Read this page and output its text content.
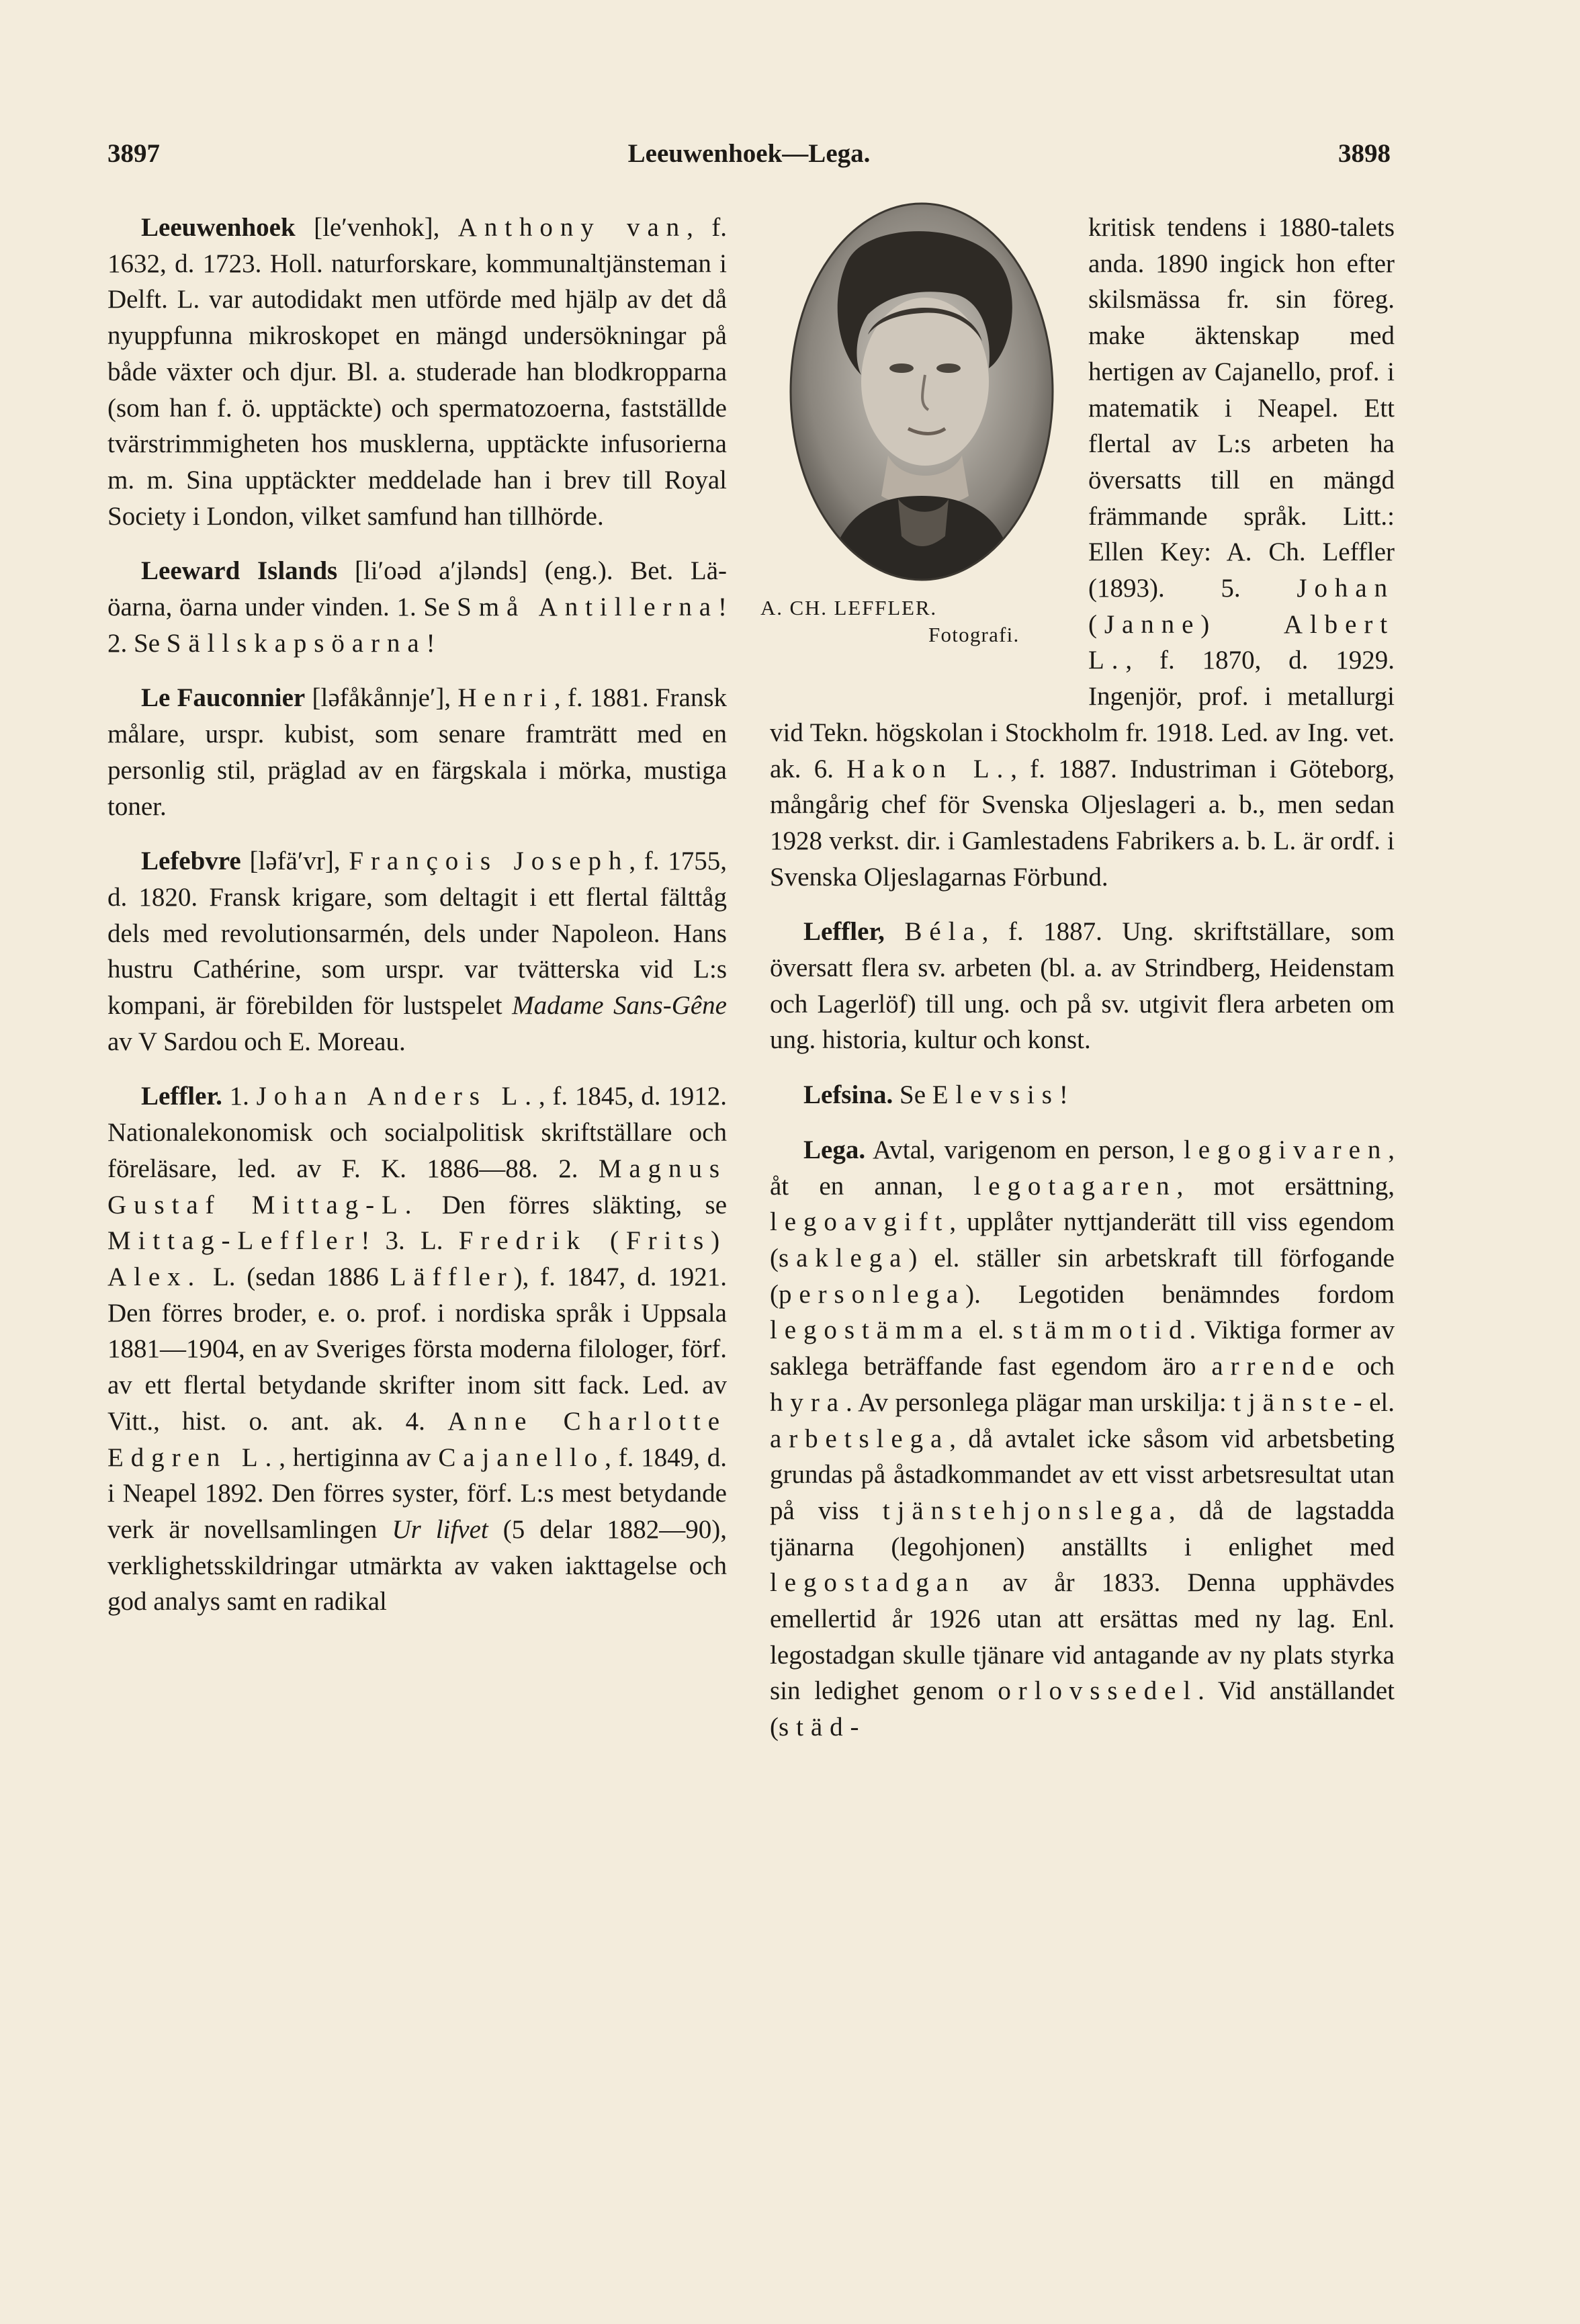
3897	Leeuwenhoek—Lega.	3898

Leeuwenhoek [le′venhok], Anthony van, f. 1632, d. 1723. Holl. naturforskare, kommunaltjänsteman i Delft. L. var autodidakt men utförde med hjälp av det då nyuppfunna mikroskopet en mängd undersökningar på både växter och djur. Bl. a. studerade han blodkropparna (som han f. ö. upptäckte) och spermatozoerna, fastställde tvärstrimmigheten hos musklerna, upptäckte infusorierna m. m. Sina upptäckter meddelade han i brev till Royal Society i London, vilket samfund han tillhörde.

Leeward Islands [li′oəd a′jlənds] (eng.). Bet. Lä-öarna, öarna under vinden. 1. Se Små Antillerna! 2. Se Sällskapsöarna!

Le Fauconnier [ləfåkånnje′], Henri, f. 1881. Fransk målare, urspr. kubist, som senare framträtt med en personlig stil, präglad av en färgskala i mörka, mustiga toner.

Lefebvre [ləfä′vr], François Joseph, f. 1755, d. 1820. Fransk krigare, som deltagit i ett flertal fälttåg dels med revolutionsarmén, dels under Napoleon. Hans hustru Cathérine, som urspr. var tvätterska vid L:s kompani, är förebilden för lustspelet Madame Sans-Gêne av V Sardou och E. Moreau.

Leffler. 1. Johan Anders L., f. 1845, d. 1912. Nationalekonomisk och socialpolitisk skriftställare och föreläsare, led. av F. K. 1886—88. 2. Magnus Gustaf Mittag-L. Den förres släkting, se Mittag-Leffler! 3. L. Fredrik (Frits) Alex. L. (sedan 1886 Läffler), f. 1847, d. 1921. Den förres broder, e. o. prof. i nordiska språk i Uppsala 1881—1904, en av Sveriges första moderna filologer, förf. av ett flertal betydande skrifter inom sitt fack. Led. av Vitt., hist. o. ant. ak. 4. Anne Charlotte Edgren L., hertiginna av Cajanello, f. 1849, d. i Neapel 1892. Den förres syster, förf. L:s mest betydande verk är novellsamlingen Ur lifvet (5 delar 1882—90), verklighetsskildringar utmärkta av vaken iakttagelse och god analys samt en radikal

A. CH. LEFFLER.
Fotografi.

kritisk tendens i 1880-talets anda. 1890 ingick hon efter skilsmässa fr. sin föreg. make äktenskap med hertigen av Cajanello, prof. i matematik i Neapel. Ett flertal av L:s arbeten ha översatts till en mängd främmande språk. Litt.: Ellen Key: A. Ch. Leffler (1893). 5. Johan (Janne) Albert L., f. 1870, d. 1929. Ingenjör, prof. i metallurgi vid Tekn. högskolan i Stockholm fr. 1918. Led. av Ing. vet. ak. 6. Hakon L., f. 1887. Industriman i Göteborg, mångårig chef för Svenska Oljeslageri a. b., men sedan 1928 verkst. dir. i Gamlestadens Fabrikers a. b. L. är ordf. i Svenska Oljeslagarnas Förbund.

Leffler, Béla, f. 1887. Ung. skriftställare, som översatt flera sv. arbeten (bl. a. av Strindberg, Heidenstam och Lagerlöf) till ung. och på sv. utgivit flera arbeten om ung. historia, kultur och konst.

Lefsina. Se Elevsis!

Lega. Avtal, varigenom en person, legogivaren, åt en annan, legotagaren, mot ersättning, legoavgift, upplåter nyttjanderätt till viss egendom (saklega) el. ställer sin arbetskraft till förfogande (personlega). Legotiden benämndes fordom legostämma el. stämmotid. Viktiga former av saklega beträffande fast egendom äro arrende och hyra. Av personlega plägar man urskilja: tjänste- el. arbetslega, då avtalet icke såsom vid arbetsbeting grundas på åstadkommandet av ett visst arbetsresultat utan på viss tjänstehjonslega, då de lagstadda tjänarna (legohjonen) anställts i enlighet med legostadgan av år 1833. Denna upphävdes emellertid år 1926 utan att ersättas med ny lag. Enl. legostadgan skulle tjänare vid antagande av ny plats styrka sin ledighet genom orlovssedel. Vid anställandet (städ-
